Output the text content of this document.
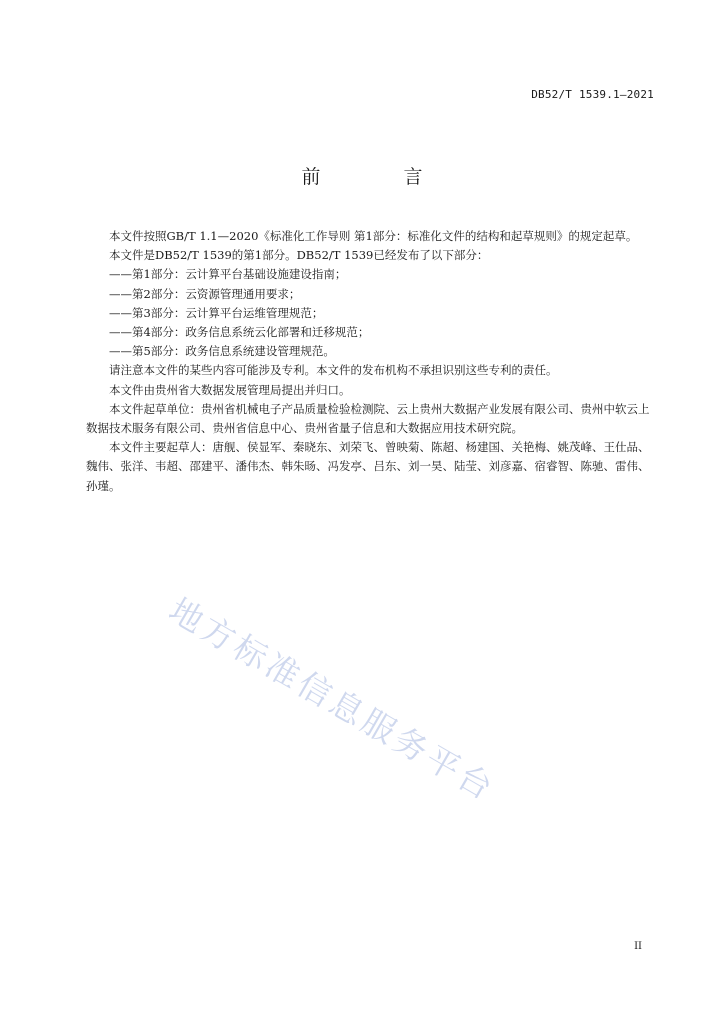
DB52/T 1539.1—2021
前　言

本文件按照GB/T 1.1—2020《标准化工作导则 第1部分：标准化文件的结构和起草规则》的规定起草。

本文件是DB52/T 1539的第1部分。DB52/T 1539已经发布了以下部分：

——第1部分：云计算平台基础设施建设指南；

——第2部分：云资源管理通用要求；

——第3部分：云计算平台运维管理规范；

——第4部分：政务信息系统云化部署和迁移规范；

——第5部分：政务信息系统建设管理规范。

请注意本文件的某些内容可能涉及专利。本文件的发布机构不承担识别这些专利的责任。

本文件由贵州省大数据发展管理局提出并归口。

本文件起草单位：贵州省机械电子产品质量检验检测院、云上贵州大数据产业发展有限公司、贵州中软云上数据技术服务有限公司、贵州省信息中心、贵州省量子信息和大数据应用技术研究院。

本文件主要起草人：唐舰、侯显军、秦晓东、刘荣飞、曾映菊、陈超、杨建国、关艳梅、姚茂峰、王仕品、魏伟、张洋、韦超、邵建平、潘伟杰、韩朱旸、冯发亭、吕东、刘一昊、陆莹、刘彦嘉、宿睿智、陈驰、雷伟、孙瑾。

地方标准信息服务平台
II
